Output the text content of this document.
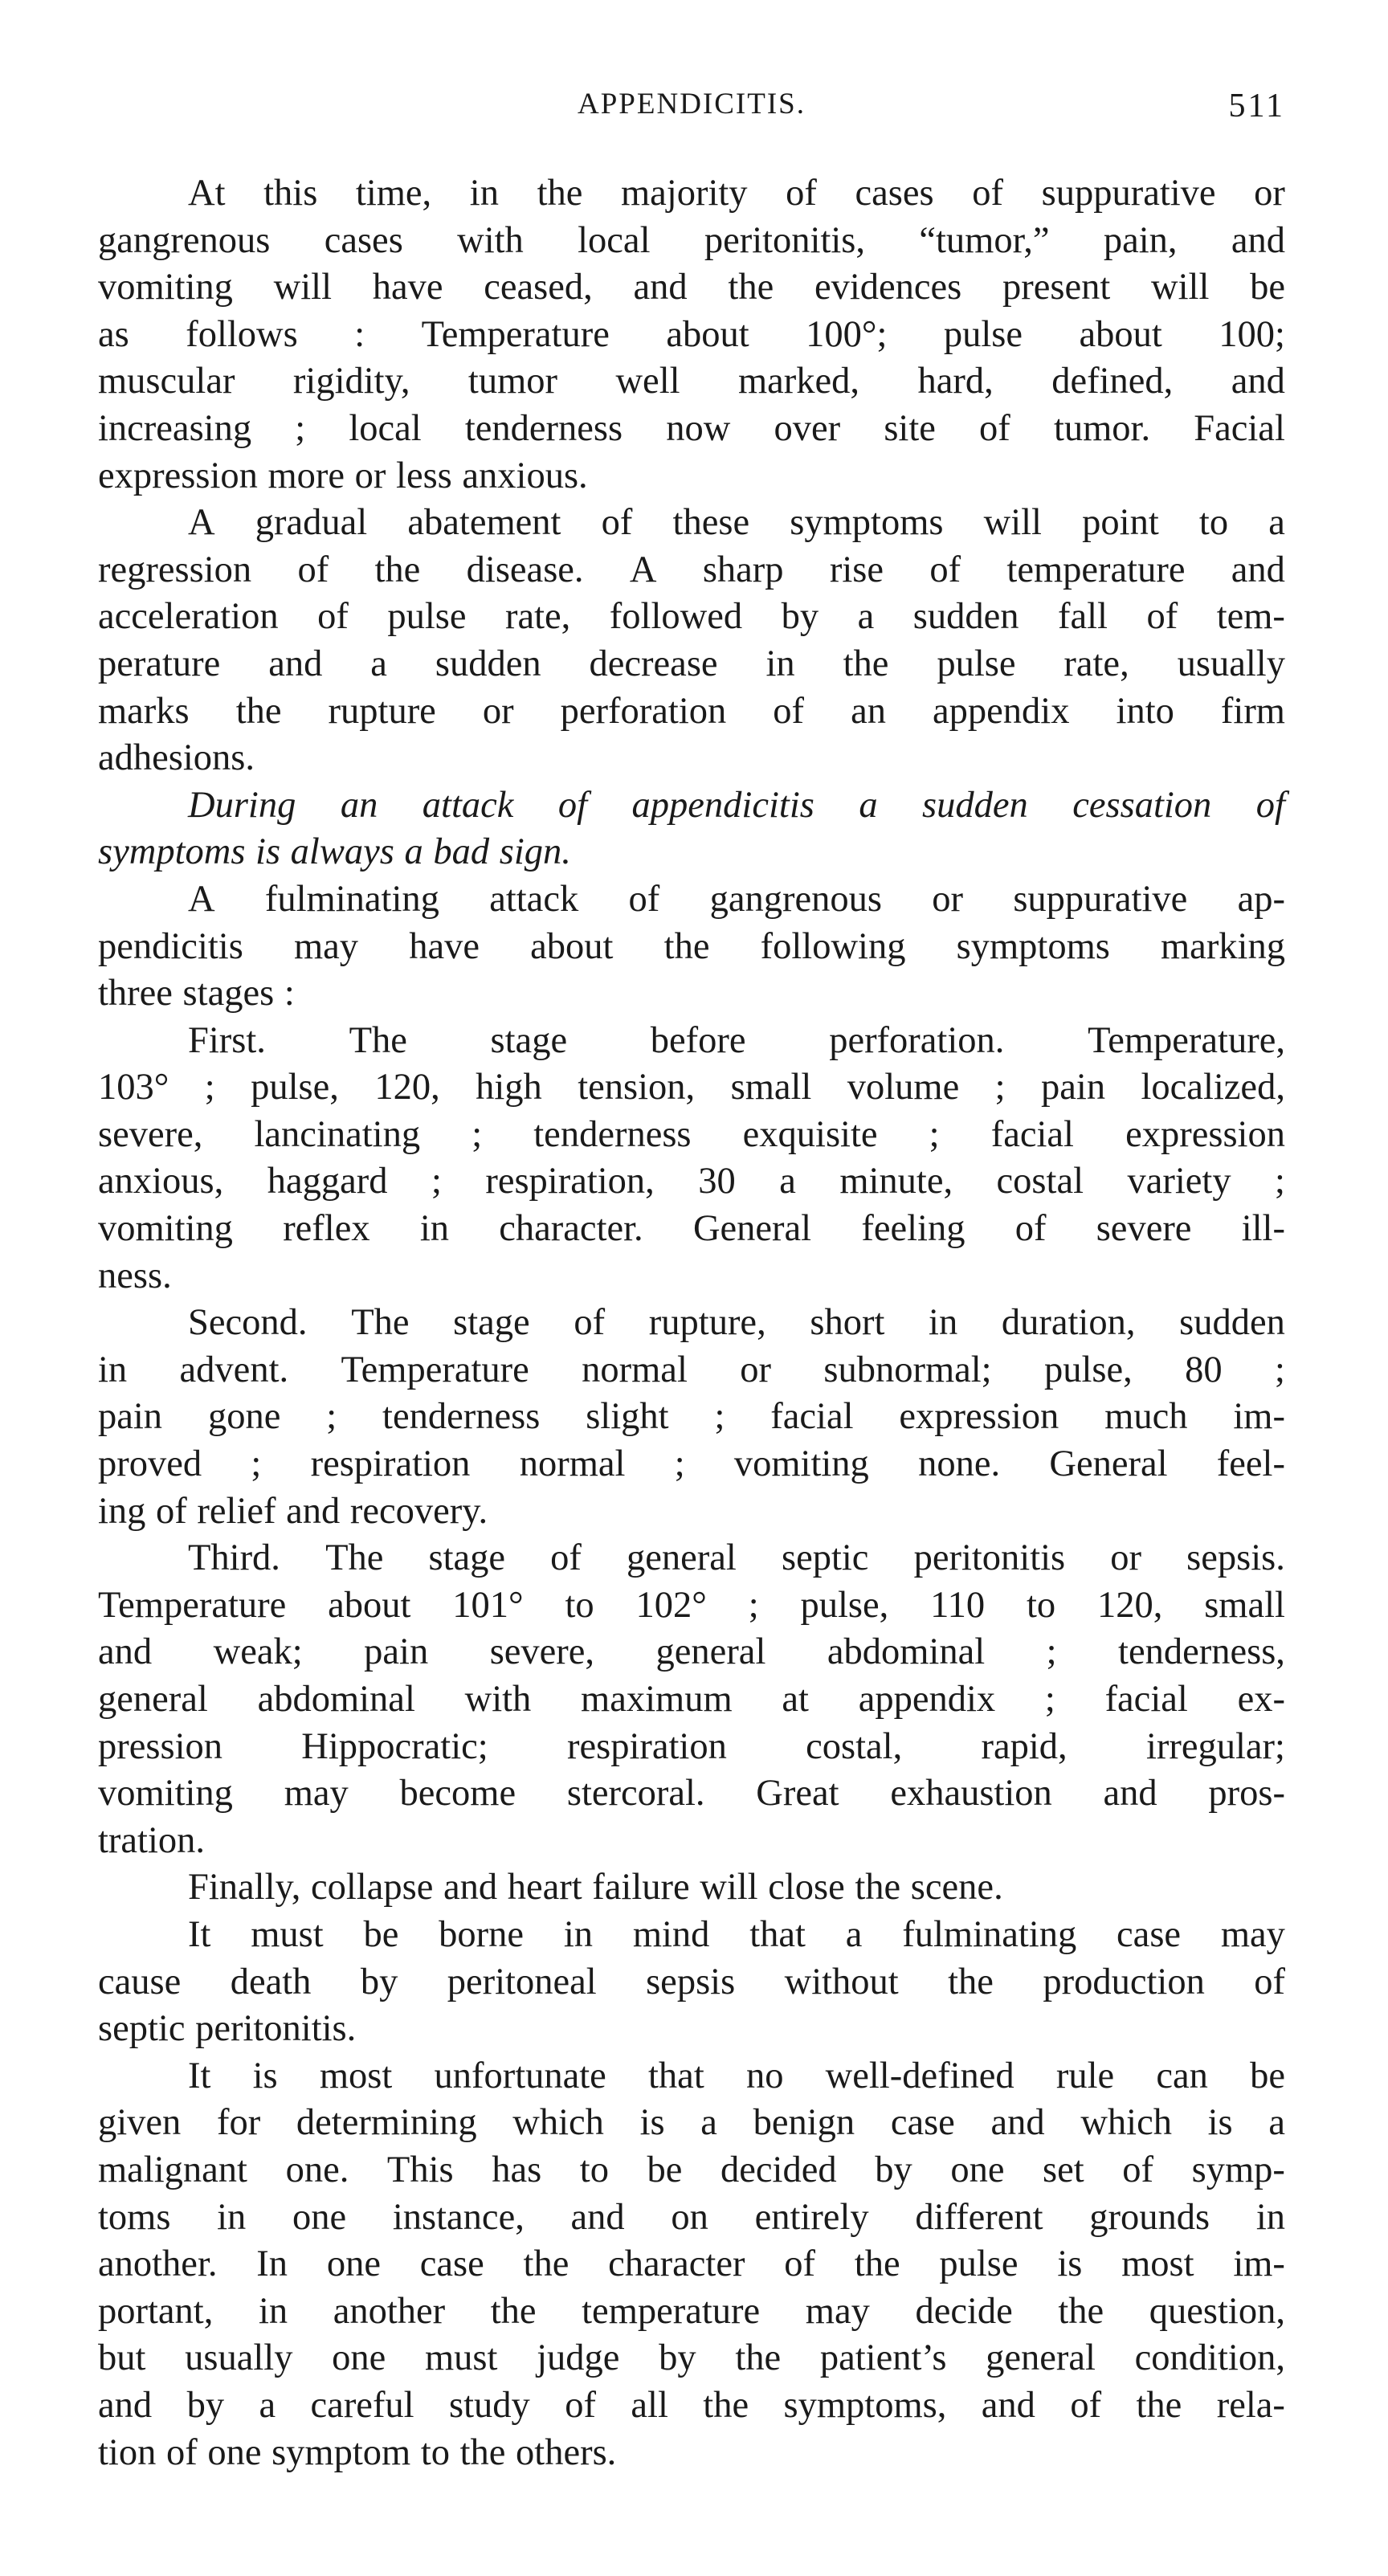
APPENDICITIS.	511
At this time, in the majority of cases of suppurative or
gangrenous cases with local peritonitis, “tumor,” pain, and
vomiting will have ceased, and the evidences present will be
as follows : Temperature about 100°; pulse about 100;
muscular rigidity, tumor well marked, hard, defined, and
increasing ; local tenderness now over site of tumor. Facial
expression more or less anxious.
A gradual abatement of these symptoms will point to a
regression of the disease. A sharp rise of temperature and
acceleration of pulse rate, followed by a sudden fall of tem-
perature and a sudden decrease in the pulse rate, usually
marks the rupture or perforation of an appendix into firm
adhesions.
During an attack of appendicitis a sudden cessation of
symptoms is always a bad sign.
A fulminating attack of gangrenous or suppurative ap-
pendicitis may have about the following symptoms marking
three stages :
First. The stage before perforation. Temperature,
103° ; pulse, 120, high tension, small volume ; pain localized,
severe, lancinating ; tenderness exquisite ; facial expression
anxious, haggard ; respiration, 30 a minute, costal variety ;
vomiting reflex in character. General feeling of severe ill-
ness.
Second. The stage of rupture, short in duration, sudden
in advent. Temperature normal or subnormal; pulse, 80 ;
pain gone ; tenderness slight ; facial expression much im-
proved ; respiration normal ; vomiting none. General feel-
ing of relief and recovery.
Third. The stage of general septic peritonitis or sepsis.
Temperature about 101° to 102° ; pulse, 110 to 120, small
and weak; pain severe, general abdominal ; tenderness,
general abdominal with maximum at appendix ; facial ex-
pression Hippocratic; respiration costal, rapid, irregular;
vomiting may become stercoral. Great exhaustion and pros-
tration.
Finally, collapse and heart failure will close the scene.
It must be borne in mind that a fulminating case may
cause death by peritoneal sepsis without the production of
septic peritonitis.
It is most unfortunate that no well-defined rule can be
given for determining which is a benign case and which is a
malignant one. This has to be decided by one set of symp-
toms in one instance, and on entirely different grounds in
another. In one case the character of the pulse is most im-
portant, in another the temperature may decide the question,
but usually one must judge by the patient’s general condition,
and by a careful study of all the symptoms, and of the rela-
tion of one symptom to the others.
